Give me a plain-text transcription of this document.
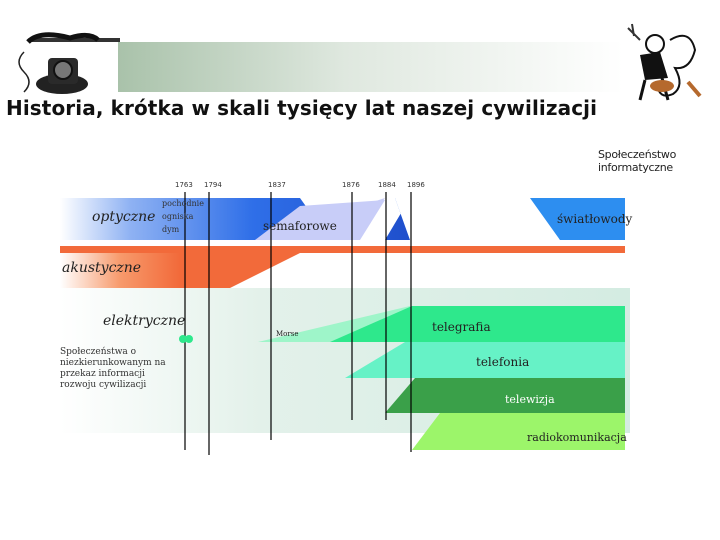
Historia, krótka w skali tysięcy lat naszej cywilizacji
Społeczeństwo informatyczne
1763 1794	1837	1876	1884 1896
optyczne
akustyczne
elektryczne
pochodnie
ogniska
dym	semaforowe	światłowody
Morse	telegrafia
telefonia
telewizja
radiokomunikacja
Społeczeństwa o niezkierunkowanym na przekaz informacji rozwoju cywilizacji
